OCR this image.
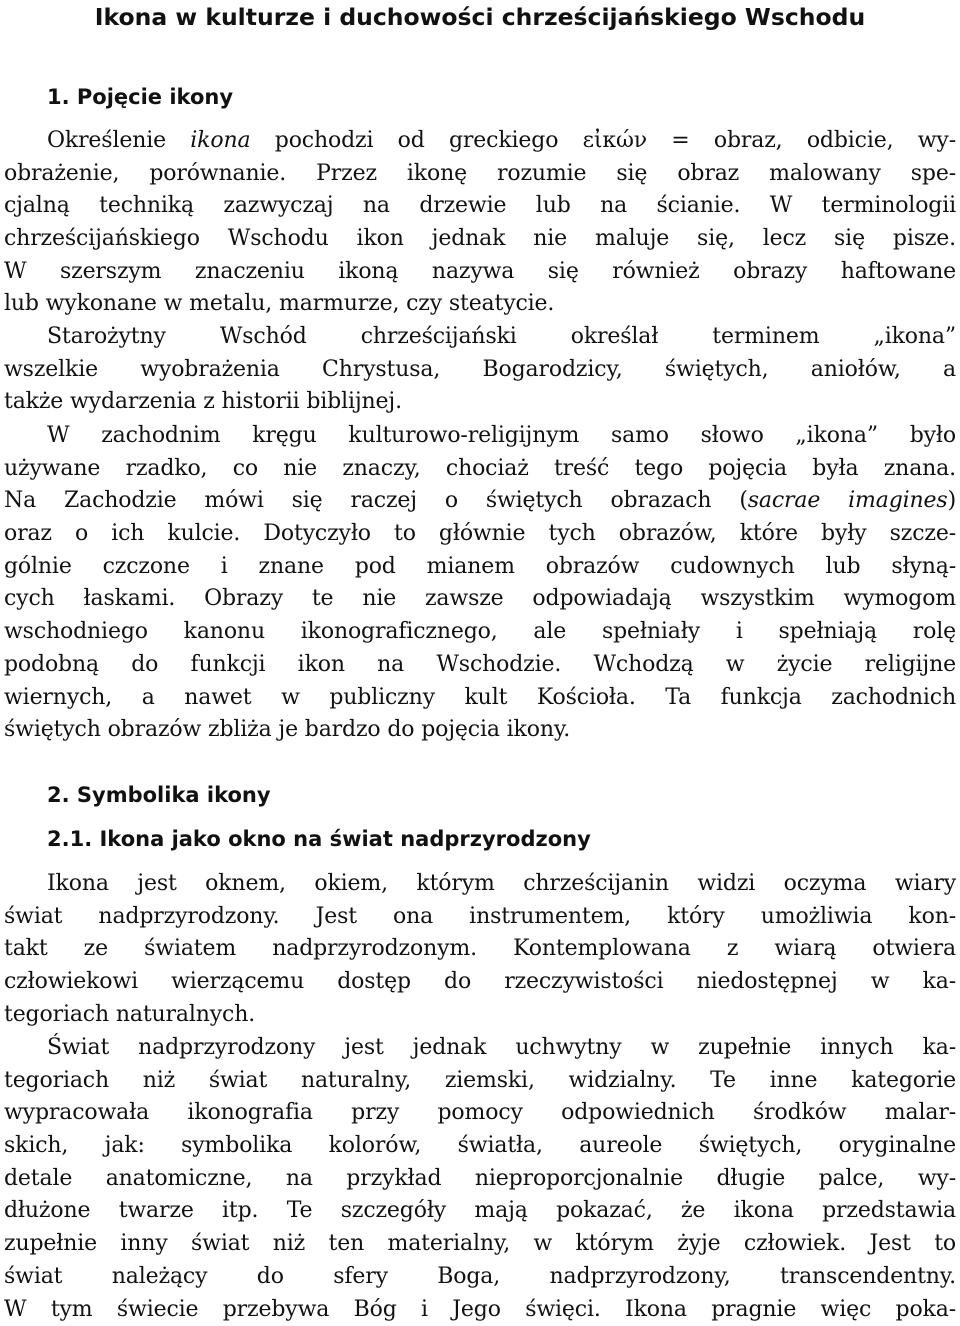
Ikona w kulturze i duchowości chrześcijańskiego Wschodu
1. Pojęcie ikony
Określenie ikona pochodzi od greckiego εἰκών = obraz, odbicie, wy-
obrażenie, porównanie. Przez ikonę rozumie się obraz malowany spe-
cjalną techniką zazwyczaj na drzewie lub na ścianie. W terminologii
chrześcijańskiego Wschodu ikon jednak nie maluje się, lecz się pisze.
W szerszym znaczeniu ikoną nazywa się również obrazy haftowane
lub wykonane w metalu, marmurze, czy steatycie.
Starożytny Wschód chrześcijański określał terminem „ikona”
wszelkie wyobrażenia Chrystusa, Bogarodzicy, świętych, aniołów, a
także wydarzenia z historii biblijnej.
W zachodnim kręgu kulturowo-religijnym samo słowo „ikona” było
używane rzadko, co nie znaczy, chociaż treść tego pojęcia była znana.
Na Zachodzie mówi się raczej o świętych obrazach (sacrae imagines)
oraz o ich kulcie. Dotyczyło to głównie tych obrazów, które były szcze-
gólnie czczone i znane pod mianem obrazów cudownych lub słyną-
cych łaskami. Obrazy te nie zawsze odpowiadają wszystkim wymogom
wschodniego kanonu ikonograficznego, ale spełniały i spełniają rolę
podobną do funkcji ikon na Wschodzie. Wchodzą w życie religijne
wiernych, a nawet w publiczny kult Kościoła. Ta funkcja zachodnich
świętych obrazów zbliża je bardzo do pojęcia ikony.
2. Symbolika ikony
2.1. Ikona jako okno na świat nadprzyrodzony
Ikona jest oknem, okiem, którym chrześcijanin widzi oczyma wiary
świat nadprzyrodzony. Jest ona instrumentem, który umożliwia kon-
takt ze światem nadprzyrodzonym. Kontemplowana z wiarą otwiera
człowiekowi wierzącemu dostęp do rzeczywistości niedostępnej w ka-
tegoriach naturalnych.
Świat nadprzyrodzony jest jednak uchwytny w zupełnie innych ka-
tegoriach niż świat naturalny, ziemski, widzialny. Te inne kategorie
wypracowała ikonografia przy pomocy odpowiednich środków malar-
skich, jak: symbolika kolorów, światła, aureole świętych, oryginalne
detale anatomiczne, na przykład nieproporcjonalnie długie palce, wy-
dłużone twarze itp. Te szczegóły mają pokazać, że ikona przedstawia
zupełnie inny świat niż ten materialny, w którym żyje człowiek. Jest to
świat należący do sfery Boga, nadprzyrodzony, transcendentny.
W tym świecie przebywa Bóg i Jego święci. Ikona pragnie więc poka-
